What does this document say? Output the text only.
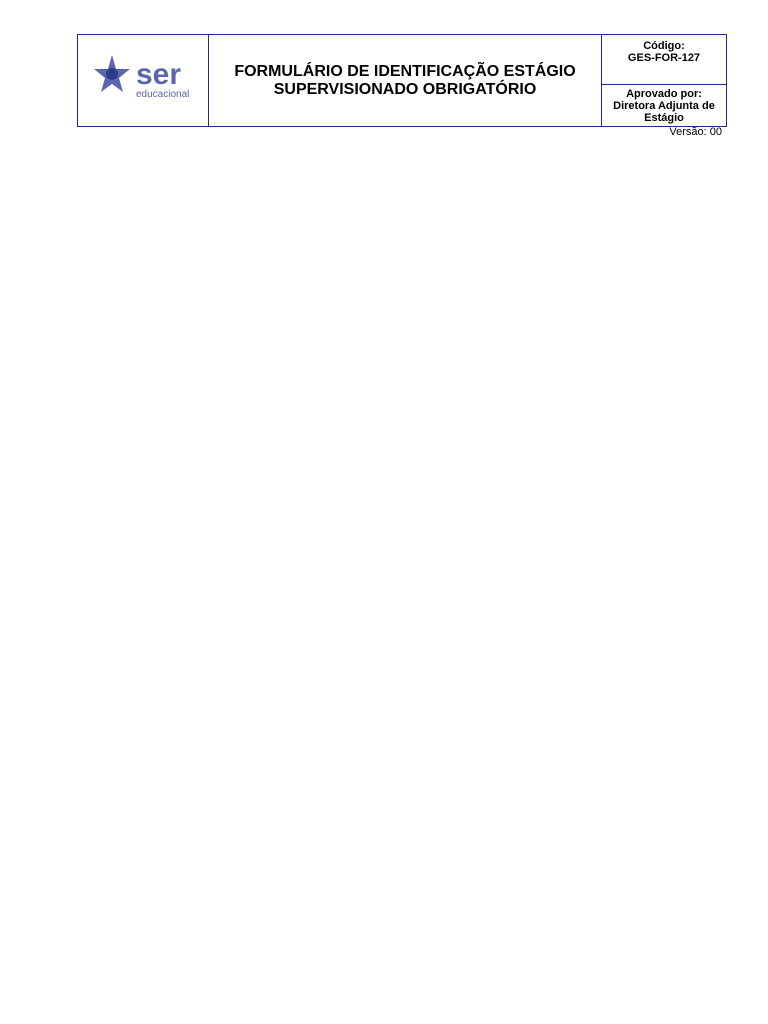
ser
educacional
FORMULÁRIO DE IDENTIFICAÇÃO ESTÁGIO
SUPERVISIONADO OBRIGATÓRIO
Código:
GES-FOR-127
Aprovado por:
Diretora Adjunta de Estágio
Versão: 00
